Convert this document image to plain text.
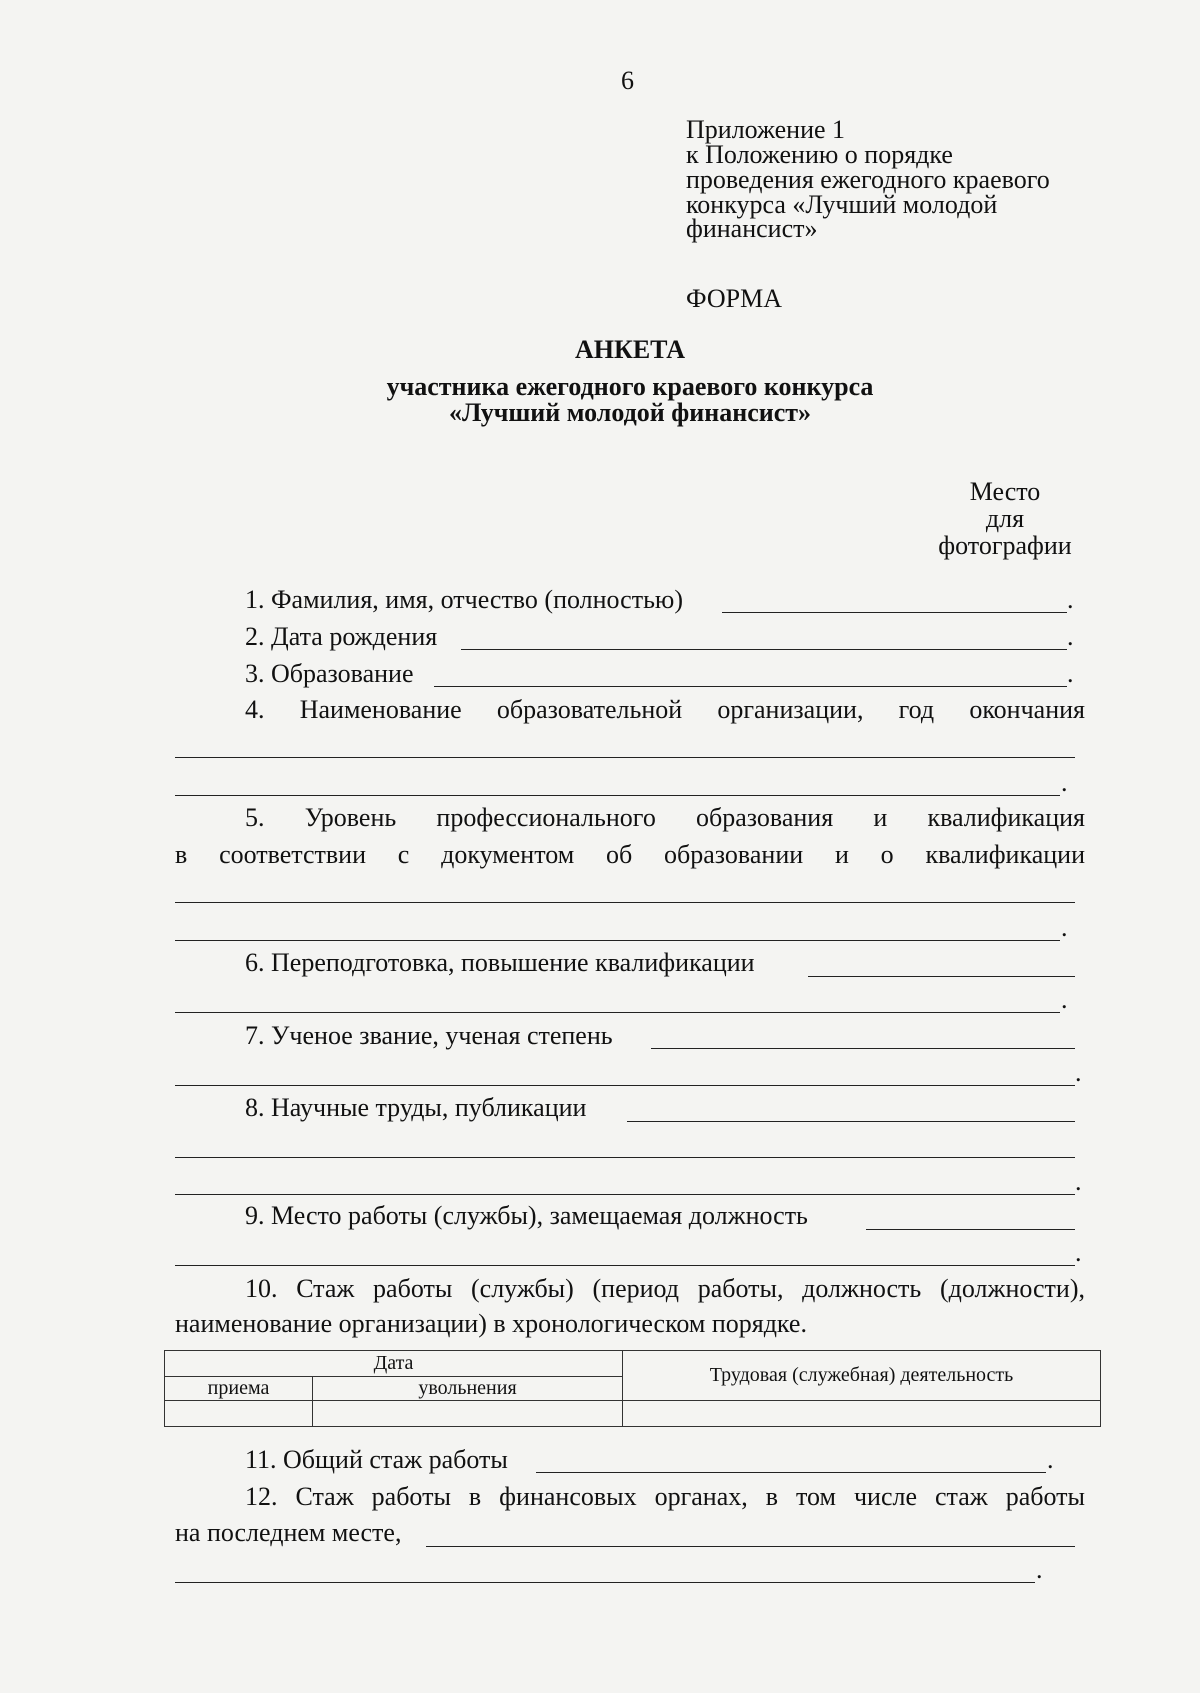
6
Приложение 1
к Положению о порядке
проведения ежегодного краевого
конкурса «Лучший молодой
финансист»
ФОРМА
АНКЕТА
участника ежегодного краевого конкурса
«Лучший молодой финансист»
Место
для
фотографии
1. Фамилия, имя, отчество (полностью)	.
2. Дата рождения	.
3. Образование	.
4. Наименование образовательной организации, год окончания
.
5. Уровень профессионального образования и квалификация
в соответствии с документом об образовании и о квалификации
.
6. Переподготовка, повышение квалификации
.
7. Ученое звание, ученая степень
.
8. Научные труды, публикации
.
9. Место работы (службы), замещаемая должность
.
10. Стаж работы (службы) (период работы, должность (должности),
наименование организации) в хронологическом порядке.
Дата		Трудовая (служебная) деятельность
приема	увольнения	

11. Общий стаж работы	.
12. Стаж работы в финансовых органах, в том числе стаж работы
на последнем месте,
.
